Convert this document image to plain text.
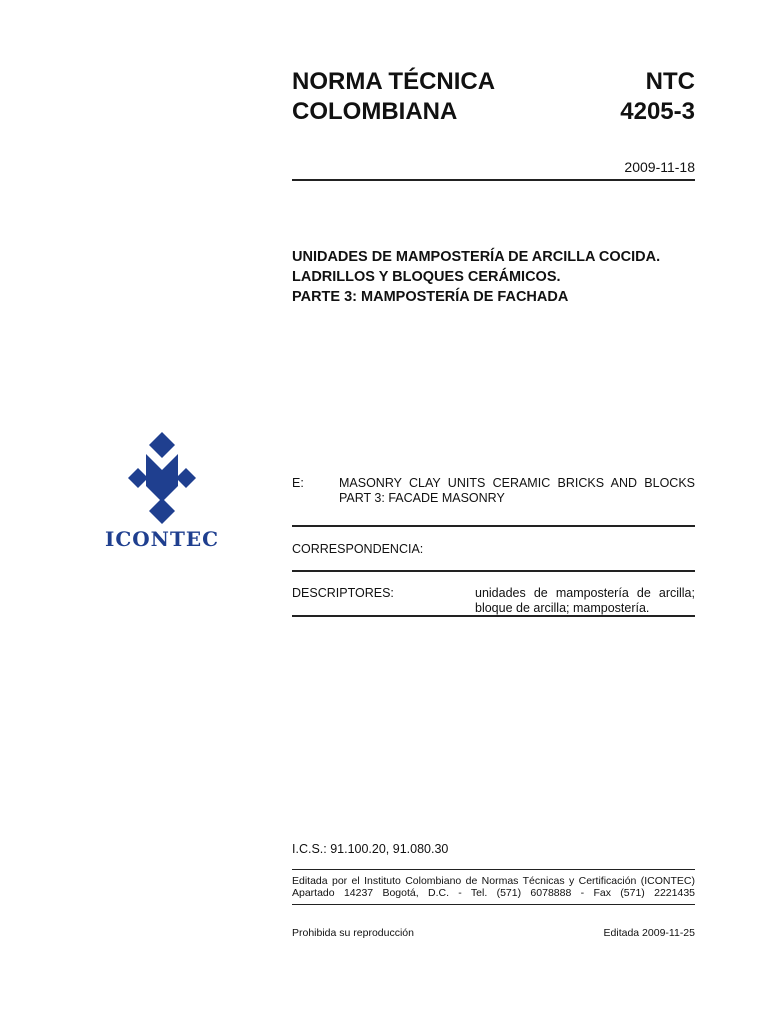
NORMA TÉCNICA
COLOMBIANA
NTC
4205-3
2009-11-18
UNIDADES DE MAMPOSTERÍA DE ARCILLA COCIDA.
LADRILLOS Y BLOQUES CERÁMICOS.
PARTE 3: MAMPOSTERÍA DE FACHADA
ICONTEC
E:	MASONRY CLAY UNITS CERAMIC BRICKS AND BLOCKS
PART 3: FACADE MASONRY
CORRESPONDENCIA:
DESCRIPTORES:	unidades de mampostería de arcilla; bloque de arcilla; mampostería.
I.C.S.: 91.100.20, 91.080.30
Editada por el Instituto Colombiano de Normas Técnicas y Certificación (ICONTEC)
Apartado 14237 Bogotá, D.C. - Tel. (571) 6078888 - Fax (571) 2221435
Prohibida su reproducción	Editada 2009-11-25
